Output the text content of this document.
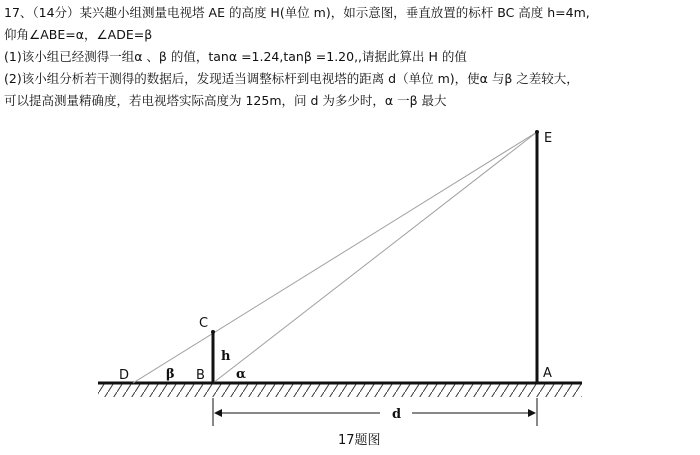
17、（14分）某兴趣小组测量电视塔 AE 的高度 H(单位 m)，如示意图，垂直放置的标杆 BC 高度 h=4m,
仰角∠ABE=α，∠ADE=β
(1)该小组已经测得一组α 、β 的值，tanα =1.24,tanβ =1.20,,请据此算出 H 的值
(2)该小组分析若干测得的数据后，发现适当调整标杆到电视塔的距离 d（单位 m)，使α 与β 之差较大，
可以提高测量精确度，若电视塔实际高度为 125m，问 d 为多少时，α 一β 最大
E
C
D	B	A
h
β	α
d
17题图
